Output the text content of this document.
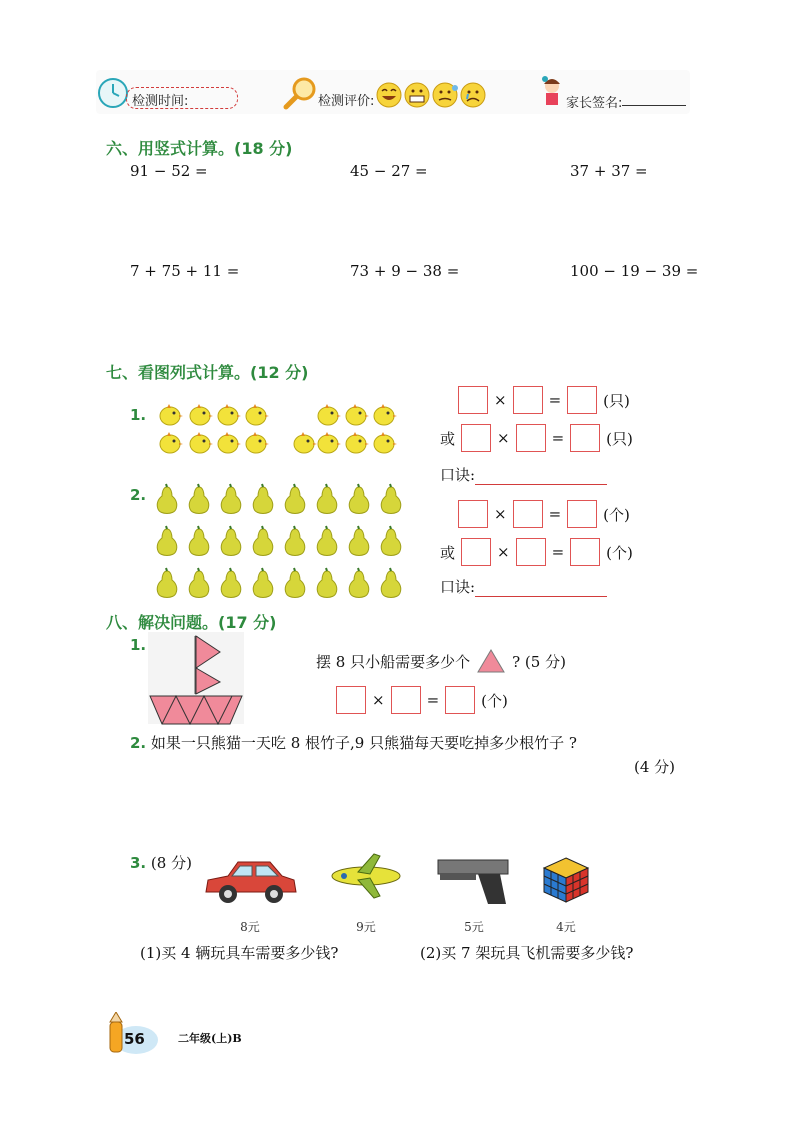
检测时间:	检测评价:	家长签名:
六、用竖式计算。(18 分)
91 − 52 =	45 − 27 =	37 + 37 =
7 + 75 + 11 =	73 + 9 − 38 =	100 − 19 − 39 =
七、看图列式计算。(12 分)
1.
×	=	(只)
或	×	=	(只)
口诀:
2.
×	=	(个)
或	×	=	(个)
口诀:
八、解决问题。(17 分)
1.
摆 8 只小船需要多少个	? (5 分)
×	=	(个)
2. 如果一只熊猫一天吃 8 根竹子,9 只熊猫每天要吃掉多少根竹子 ?
(4 分)
3. (8 分)
8元	9元	5元	4元
(1)买 4 辆玩具车需要多少钱?	(2)买 7 架玩具飞机需要多少钱?
56	二年级(上)B
